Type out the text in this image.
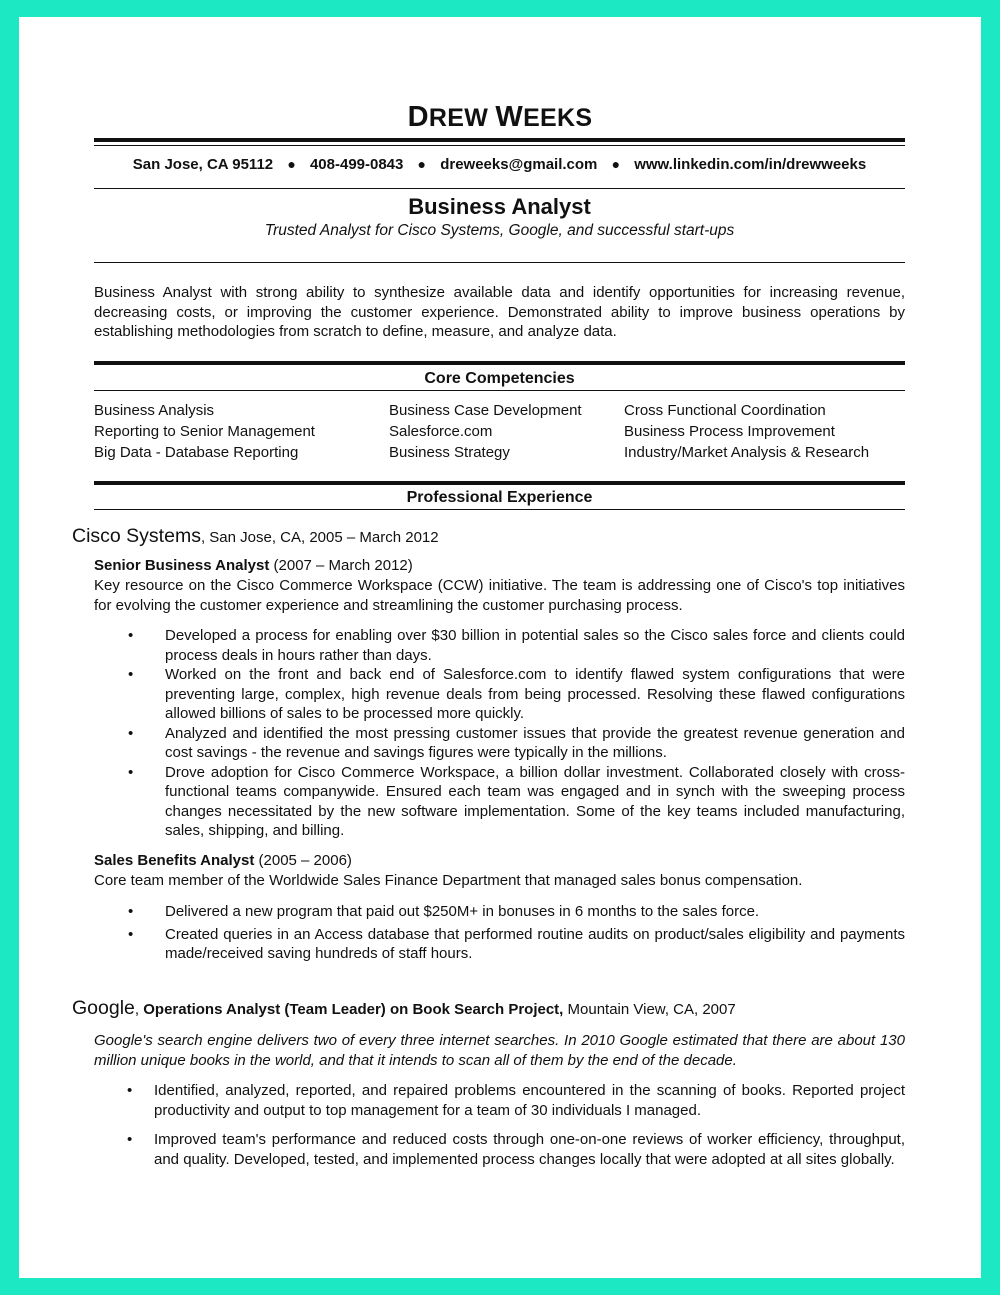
DREW WEEKS
San Jose, CA 95112 ● 408-499-0843 ● dreweeks@gmail.com ● www.linkedin.com/in/drewweeks
Business Analyst
Trusted Analyst for Cisco Systems, Google, and successful start-ups
Business Analyst with strong ability to synthesize available data and identify opportunities for increasing revenue, decreasing costs, or improving the customer experience. Demonstrated ability to improve business operations by establishing methodologies from scratch to define, measure, and analyze data.
Core Competencies
Business Analysis
Reporting to Senior Management
Big Data - Database Reporting
Business Case Development
Salesforce.com
Business Strategy
Cross Functional Coordination
Business Process Improvement
Industry/Market Analysis & Research
Professional Experience
Cisco Systems, San Jose, CA, 2005 – March 2012
Senior Business Analyst (2007 – March 2012)
Key resource on the Cisco Commerce Workspace (CCW) initiative. The team is addressing one of Cisco's top initiatives for evolving the customer experience and streamlining the customer purchasing process.
• Developed a process for enabling over $30 billion in potential sales so the Cisco sales force and clients could process deals in hours rather than days.
• Worked on the front and back end of Salesforce.com to identify flawed system configurations that were preventing large, complex, high revenue deals from being processed. Resolving these flawed configurations allowed billions of sales to be processed more quickly.
• Analyzed and identified the most pressing customer issues that provide the greatest revenue generation and cost savings - the revenue and savings figures were typically in the millions.
• Drove adoption for Cisco Commerce Workspace, a billion dollar investment. Collaborated closely with cross-functional teams companywide. Ensured each team was engaged and in synch with the sweeping process changes necessitated by the new software implementation. Some of the key teams included manufacturing, sales, shipping, and billing.
Sales Benefits Analyst (2005 – 2006)
Core team member of the Worldwide Sales Finance Department that managed sales bonus compensation.
• Delivered a new program that paid out $250M+ in bonuses in 6 months to the sales force.
• Created queries in an Access database that performed routine audits on product/sales eligibility and payments made/received saving hundreds of staff hours.
Google, Operations Analyst (Team Leader) on Book Search Project, Mountain View, CA, 2007
Google's search engine delivers two of every three internet searches. In 2010 Google estimated that there are about 130 million unique books in the world, and that it intends to scan all of them by the end of the decade.
• Identified, analyzed, reported, and repaired problems encountered in the scanning of books. Reported project productivity and output to top management for a team of 30 individuals I managed.
• Improved team's performance and reduced costs through one-on-one reviews of worker efficiency, throughput, and quality. Developed, tested, and implemented process changes locally that were adopted at all sites globally.
